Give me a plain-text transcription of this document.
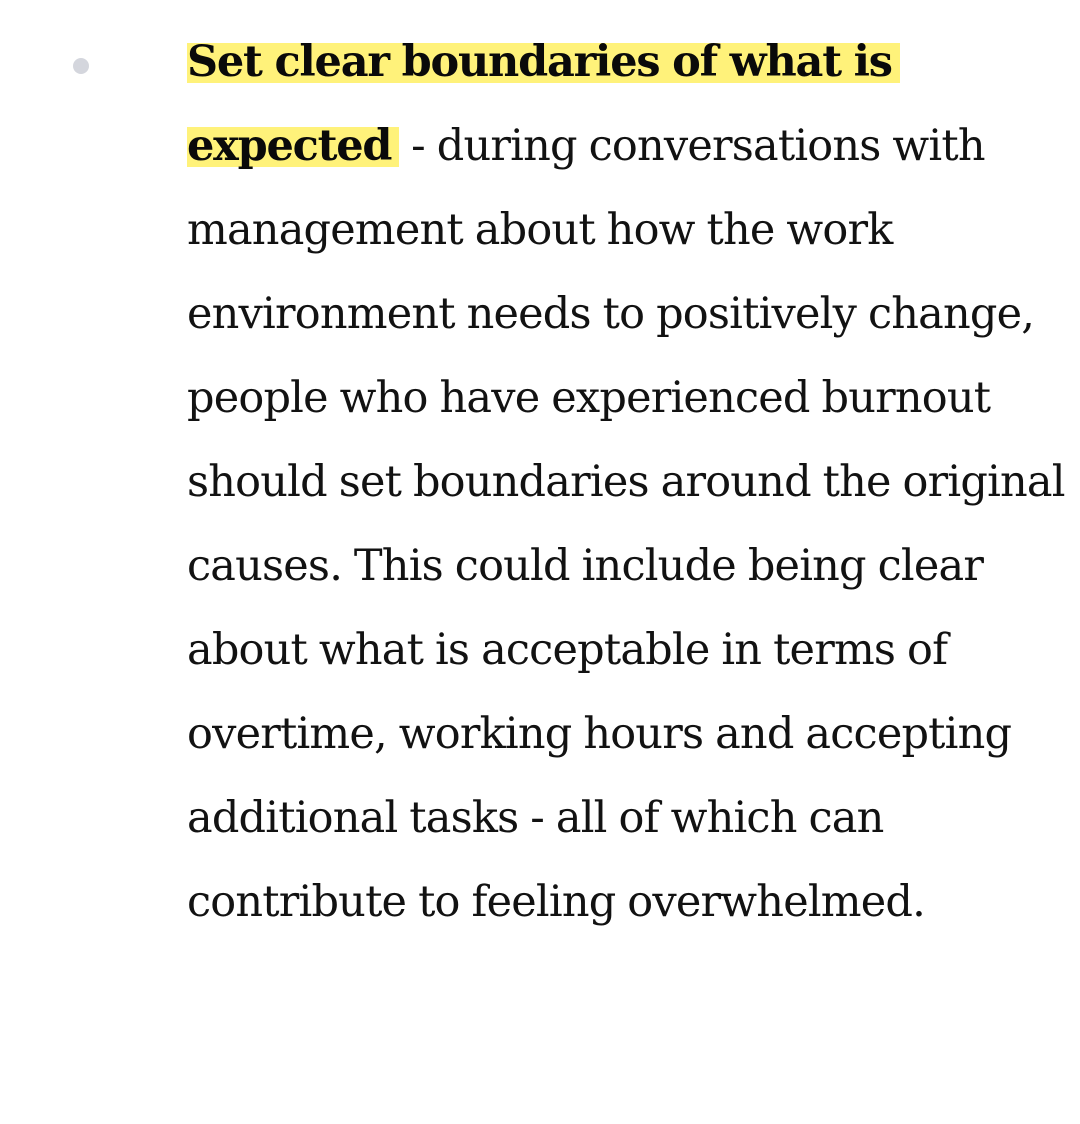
Set clear boundaries of what is
expected - during conversations with management about how the work environment needs to positively change, people who have experienced burnout should set boundaries around the original causes. This could include being clear about what is acceptable in terms of overtime, working hours and accepting additional tasks - all of which can contribute to feeling overwhelmed.
